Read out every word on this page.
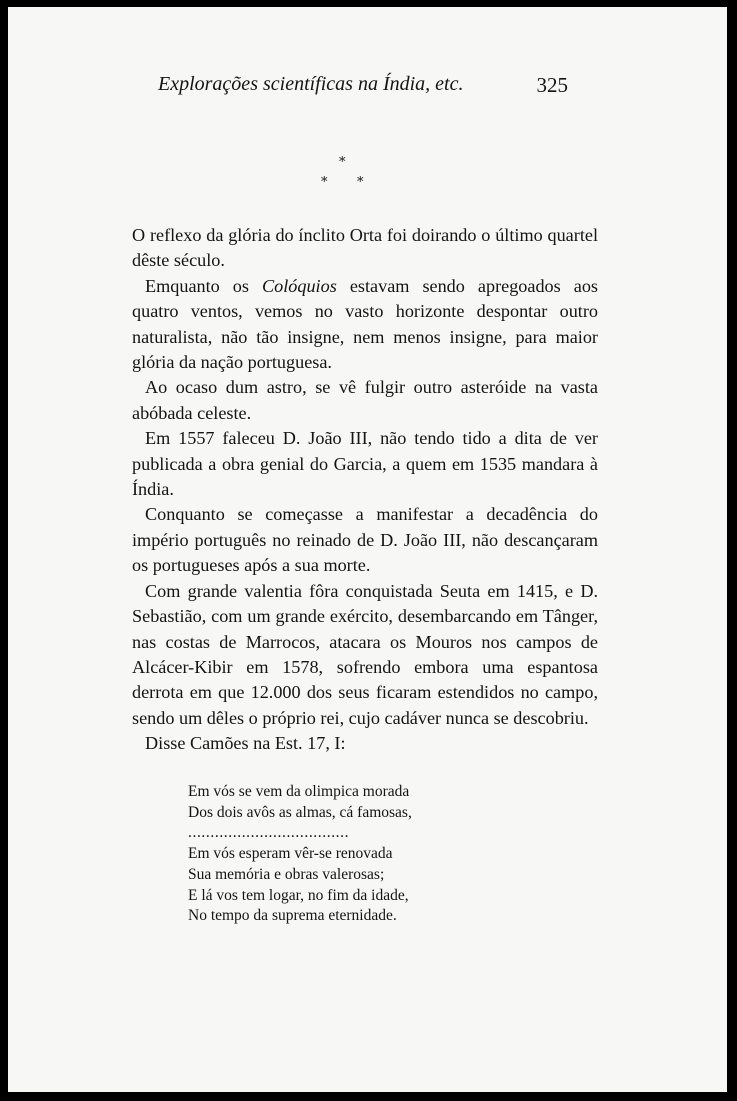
Explorações scientíficas na Índia, etc.	325
*
* *

O reflexo da glória do ínclito Orta foi doirando o último quartel dêste século.

Emquanto os Colóquios estavam sendo apregoados aos quatro ventos, vemos no vasto horizonte despontar outro naturalista, não tão insigne, nem menos insigne, para maior glória da nação portuguesa.

Ao ocaso dum astro, se vê fulgir outro asteróide na vasta abóbada celeste.

Em 1557 faleceu D. João III, não tendo tido a dita de ver publicada a obra genial do Garcia, a quem em 1535 mandara à Índia.

Conquanto se começasse a manifestar a decadência do império português no reinado de D. João III, não descançaram os portugueses após a sua morte.

Com grande valentia fôra conquistada Seuta em 1415, e D. Sebastião, com um grande exército, desembarcando em Tânger, nas costas de Marrocos, atacara os Mouros nos campos de Alcácer-Kibir em 1578, sofrendo embora uma espantosa derrota em que 12.000 dos seus ficaram estendidos no campo, sendo um dêles o próprio rei, cujo cadáver nunca se descobriu.

Disse Camões na Est. 17, I:

Em vós se vem da olimpica morada
Dos dois avôs as almas, cá famosas,
....................................
Em vós esperam vêr-se renovada
Sua memória e obras valerosas;
E lá vos tem logar, no fim da idade,
No tempo da suprema eternidade.
